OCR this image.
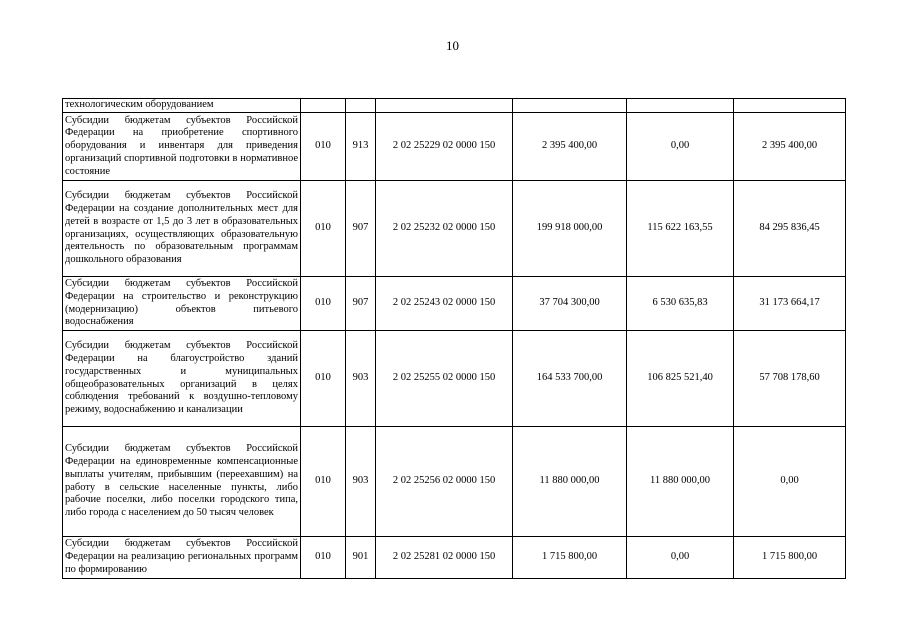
10
технологическим оборудованием						
Субсидии бюджетам субъектов Российской Федерации на приобретение спортивного оборудования и инвентаря для приведения организаций спортивной подготовки в нормативное состояние	010	913	2 02 25229 02 0000 150	2 395 400,00	0,00	2 395 400,00
Субсидии бюджетам субъектов Российской Федерации на создание дополнительных мест для детей в возрасте от 1,5 до 3 лет в образовательных организациях, осуществляющих образовательную деятельность по образовательным программам дошкольного образования	010	907	2 02 25232 02 0000 150	199 918 000,00	115 622 163,55	84 295 836,45
Субсидии бюджетам субъектов Российской Федерации на строительство и реконструкцию (модернизацию) объектов питьевого водоснабжения	010	907	2 02 25243 02 0000 150	37 704 300,00	6 530 635,83	31 173 664,17
Субсидии бюджетам субъектов Российской Федерации на благоустройство зданий государственных и муниципальных общеобразовательных организаций в целях соблюдения требований к воздушно-тепловому режиму, водоснабжению и канализации	010	903	2 02 25255 02 0000 150	164 533 700,00	106 825 521,40	57 708 178,60
Субсидии бюджетам субъектов Российской Федерации на единовременные компенсационные выплаты учителям, прибывшим (переехавшим) на работу в сельские населенные пункты, либо рабочие поселки, либо поселки городского типа, либо города с населением до 50 тысяч человек	010	903	2 02 25256 02 0000 150	11 880 000,00	11 880 000,00	0,00
Субсидии бюджетам субъектов Российской Федерации на реализацию региональных программ по формированию	010	901	2 02 25281 02 0000 150	1 715 800,00	0,00	1 715 800,00
